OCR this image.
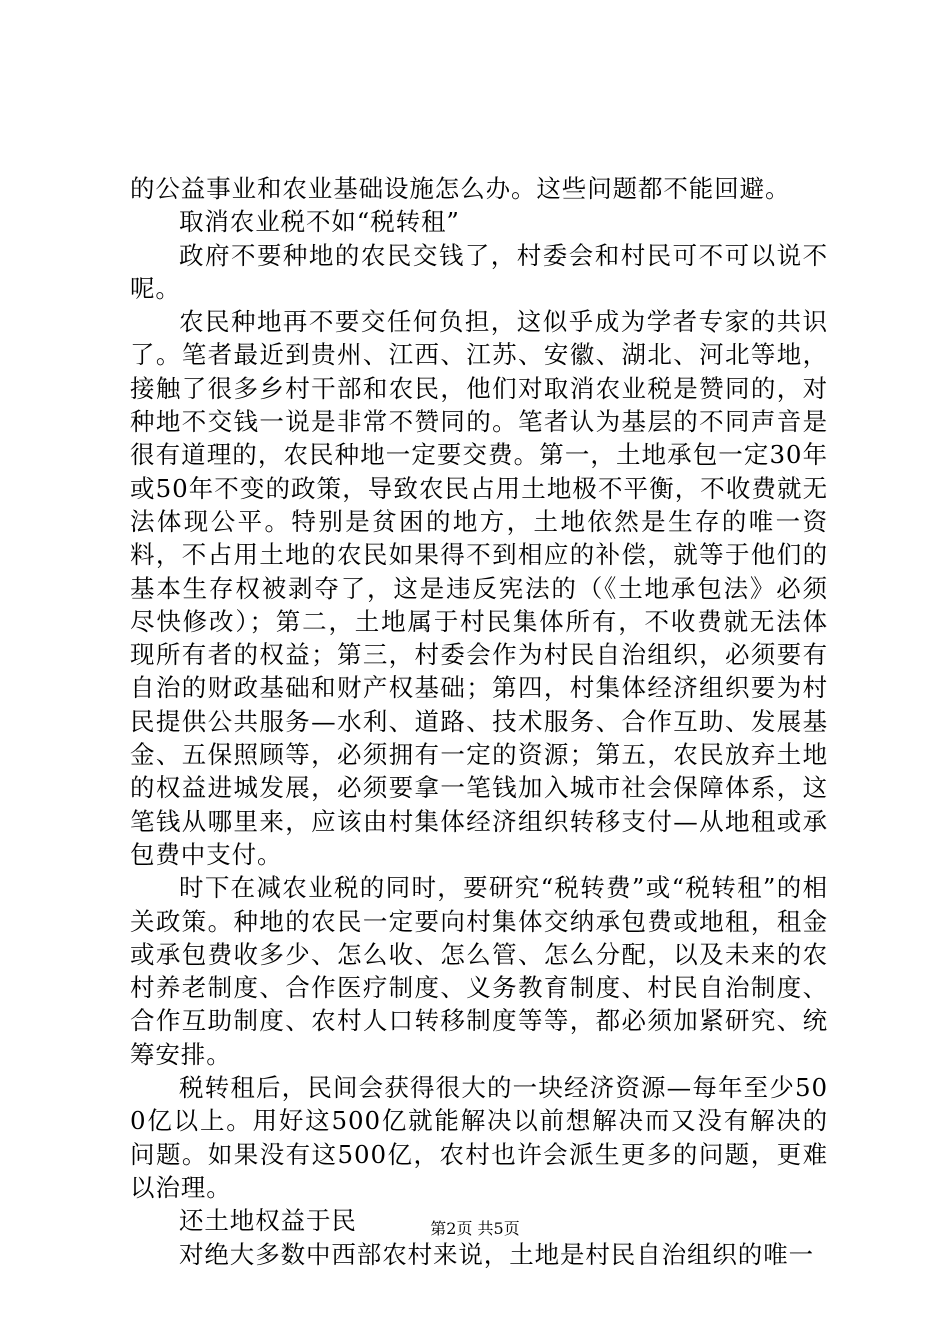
的公益事业和农业基础设施怎么办。这些问题都不能回避。

取消农业税不如“税转租”

政府不要种地的农民交钱了，村委会和村民可不可以说不呢。

农民种地再不要交任何负担，这似乎成为学者专家的共识了。笔者最近到贵州、江西、江苏、安徽、湖北、河北等地，接触了很多乡村干部和农民，他们对取消农业税是赞同的，对种地不交钱一说是非常不赞同的。笔者认为基层的不同声音是很有道理的，农民种地一定要交费。第一，土地承包一定30年或50年不变的政策，导致农民占用土地极不平衡，不收费就无法体现公平。特别是贫困的地方，土地依然是生存的唯一资料，不占用土地的农民如果得不到相应的补偿，就等于他们的基本生存权被剥夺了，这是违反宪法的（《土地承包法》必须尽快修改）；第二，土地属于村民集体所有，不收费就无法体现所有者的权益；第三，村委会作为村民自治组织，必须要有自治的财政基础和财产权基础；第四，村集体经济组织要为村民提供公共服务—水利、道路、技术服务、合作互助、发展基金、五保照顾等，必须拥有一定的资源；第五，农民放弃土地的权益进城发展，必须要拿一笔钱加入城市社会保障体系，这笔钱从哪里来，应该由村集体经济组织转移支付—从地租或承包费中支付。

时下在减农业税的同时，要研究“税转费”或“税转租”的相关政策。种地的农民一定要向村集体交纳承包费或地租，租金或承包费收多少、怎么收、怎么管、怎么分配，以及未来的农村养老制度、合作医疗制度、义务教育制度、村民自治制度、合作互助制度、农村人口转移制度等等，都必须加紧研究、统筹安排。

税转租后，民间会获得很大的一块经济资源—每年至少500亿以上。用好这500亿就能解决以前想解决而又没有解决的问题。如果没有这500亿，农村也许会派生更多的问题，更难以治理。

还土地权益于民

对绝大多数中西部农村来说，土地是村民自治组织的唯一

第2页 共5页
